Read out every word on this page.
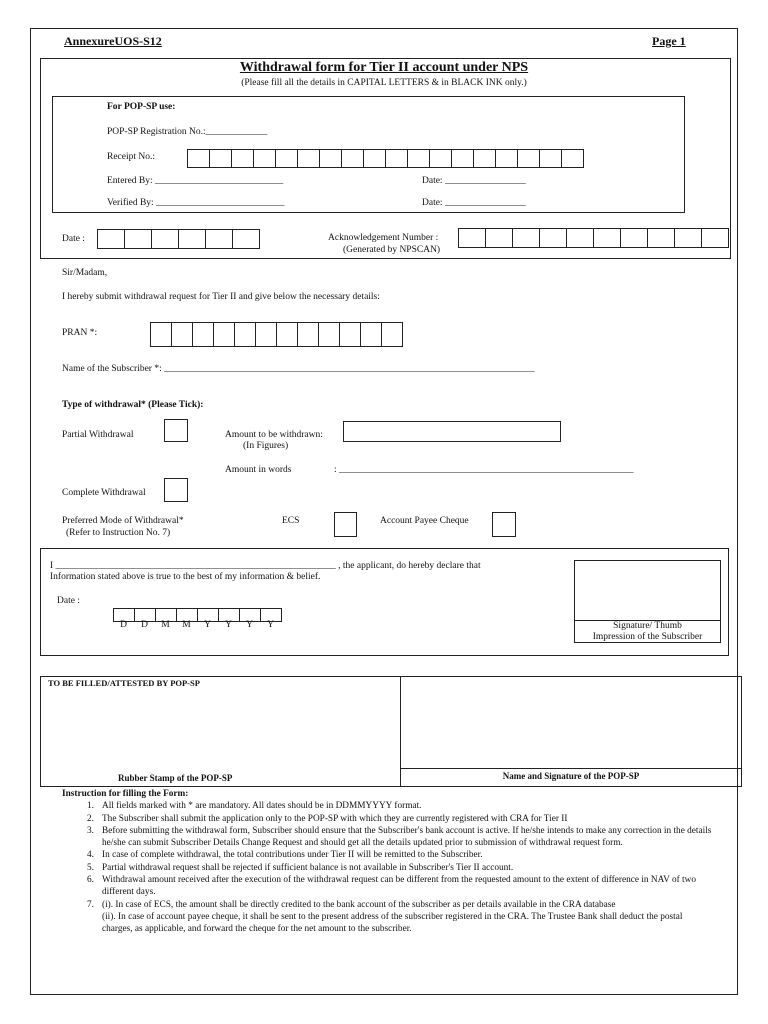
AnnexureUOS-S12	Page 1
Withdrawal form for Tier II account under NPS
(Please fill all the details in CAPITAL LETTERS & in BLACK INK only.)
For POP-SP use:
POP-SP Registration No.:_____________
Receipt No.:
Entered By: ___________________________	Date: _________________
Verified By: ___________________________	Date: _________________
Date :	Acknowledgement Number :
(Generated by NPSCAN)
Sir/Madam,
I hereby submit withdrawal request for Tier II and give below the necessary details:
PRAN *:
Name of the Subscriber *: ______________________________________________________________________________
Type of withdrawal* (Please Tick):
Partial Withdrawal	Amount to be withdrawn:
(In Figures)
Amount in words	: ______________________________________________________________
Complete Withdrawal
Preferred Mode of Withdrawal*
(Refer to Instruction No. 7)
ECS	Account Payee Cheque
I ___________________________________________________________ , the applicant, do hereby declare that
Information stated above is true to the best of my information & belief.
Date :
D	D	M	M	Y	Y	Y	Y	Signature/ Thumb
Impression of the Subscriber
TO BE FILLED/ATTESTED BY POP-SP
Rubber Stamp of the POP-SP	Name and Signature of the POP-SP
Instruction for filling the Form:
1. All fields marked with * are mandatory. All dates should be in DDMMYYYY format.
2. The Subscriber shall submit the application only to the POP-SP with which they are currently registered with CRA for Tier II
3. Before submitting the withdrawal form, Subscriber should ensure that the Subscriber's bank account is active. If he/she intends to make any correction in the details he/she can submit Subscriber Details Change Request and should get all the details updated prior to submission of withdrawal request form.
4. In case of complete withdrawal, the total contributions under Tier II will be remitted to the Subscriber.
5. Partial withdrawal request shall be rejected if sufficient balance is not available in Subscriber's Tier II account.
6. Withdrawal amount received after the execution of the withdrawal request can be different from the requested amount to the extent of difference in NAV of two different days.
7. (i). In case of ECS, the amount shall be directly credited to the bank account of the subscriber as per details available in the CRA database
(ii). In case of account payee cheque, it shall be sent to the present address of the subscriber registered in the CRA. The Trustee Bank shall deduct the postal charges, as applicable, and forward the cheque for the net amount to the subscriber.
